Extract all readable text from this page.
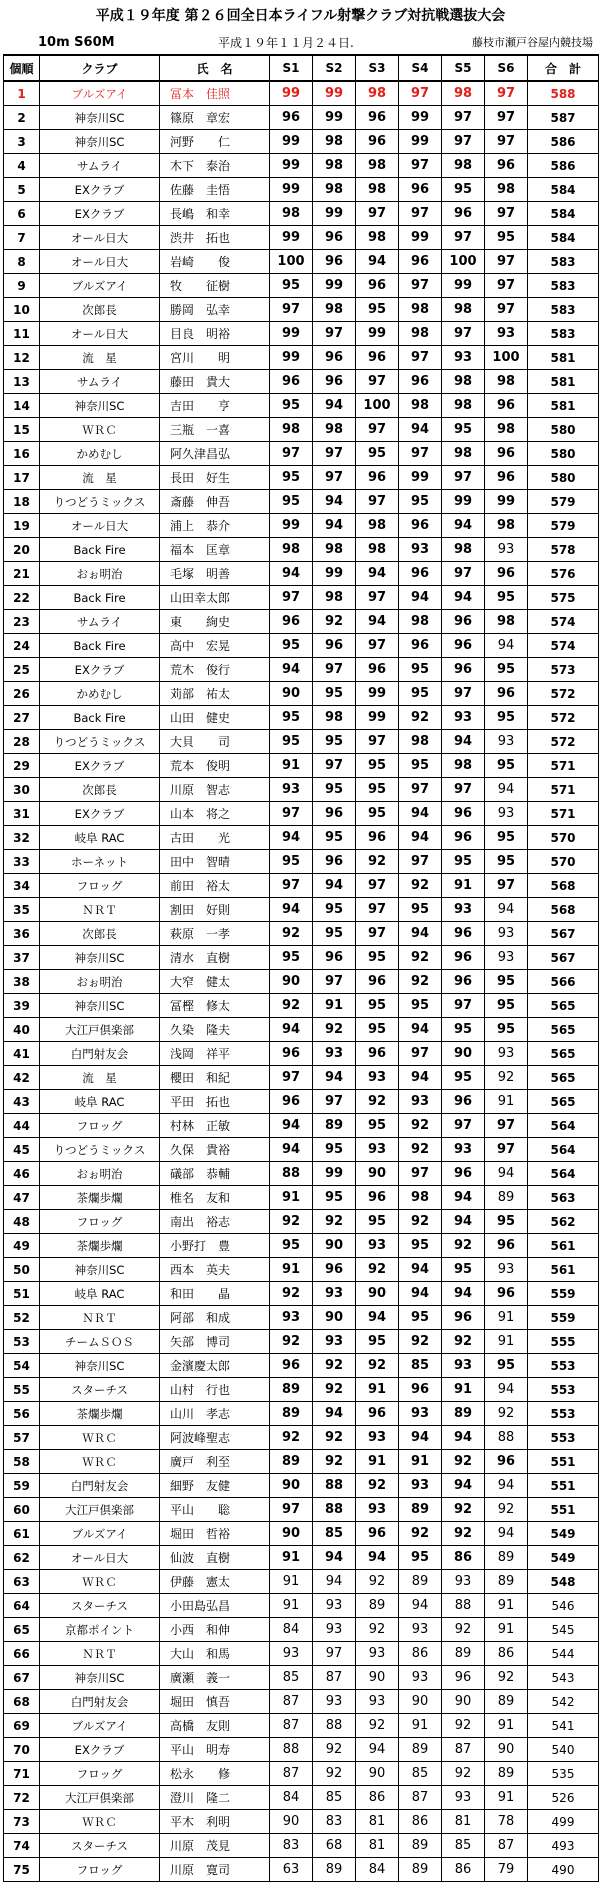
平成１９年度 第２６回全日本ライフル射撃クラブ対抗戦選抜大会
10m S60M	平成１９年１１月２４日.	藤枝市瀬戸谷屋内競技場
個順	クラブ	氏　名	S1	S2	S3	S4	S5	S6	合　計
1	ブルズアイ	冨本　佳照	99	99	98	97	98	97	588
2	神奈川SC	篠原　章宏	96	99	96	99	97	97	587
3	神奈川SC	河野　　仁	99	98	96	99	97	97	586
4	サムライ	木下　泰治	99	98	98	97	98	96	586
5	EXクラブ	佐藤　圭悟	99	98	98	96	95	98	584
6	EXクラブ	長嶋　和幸	98	99	97	97	96	97	584
7	オール日大	渋井　拓也	99	96	98	99	97	95	584
8	オール日大	岩崎　　俊	100	96	94	96	100	97	583
9	ブルズアイ	牧　　征樹	95	99	96	97	99	97	583
10	次郎長	勝岡　弘幸	97	98	95	98	98	97	583
11	オール日大	目良　明裕	99	97	99	98	97	93	583
12	流　星	宮川　　明	99	96	96	97	93	100	581
13	サムライ	藤田　貴大	96	96	97	96	98	98	581
14	神奈川SC	吉田　　亨	95	94	100	98	98	96	581
15	ＷＲＣ	三瓶　一喜	98	98	97	94	95	98	580
16	かめむし	阿久津昌弘	97	97	95	97	98	96	580
17	流　星	長田　好生	95	97	96	99	97	96	580
18	りつどうミックス	斎藤　伸吾	95	94	97	95	99	99	579
19	オール日大	浦上　恭介	99	94	98	96	94	98	579
20	Back Fire	福本　匡章	98	98	98	93	98	93	578
21	おぉ明治	毛塚　明善	94	99	94	96	97	96	576
22	Back Fire	山田幸太郎	97	98	97	94	94	95	575
23	サムライ	東　　絢史	96	92	94	98	96	98	574
24	Back Fire	高中　宏晃	95	96	97	96	96	94	574
25	EXクラブ	荒木　俊行	94	97	96	95	96	95	573
26	かめむし	苅部　祐太	90	95	99	95	97	96	572
27	Back Fire	山田　健史	95	98	99	92	93	95	572
28	りつどうミックス	大貝　　司	95	95	97	98	94	93	572
29	EXクラブ	荒本　俊明	91	97	95	95	98	95	571
30	次郎長	川原　智志	93	95	95	97	97	94	571
31	EXクラブ	山本　将之	97	96	95	94	96	93	571
32	岐阜 RAC	古田　　光	94	95	96	94	96	95	570
33	ホーネット	田中　智晴	95	96	92	97	95	95	570
34	フロッグ	前田　裕太	97	94	97	92	91	97	568
35	ＮＲＴ	割田　好則	94	95	97	95	93	94	568
36	次郎長	萩原　一孝	92	95	97	94	96	93	567
37	神奈川SC	清水　直樹	95	96	95	92	96	93	567
38	おぉ明治	大窄　健太	90	97	96	92	96	95	566
39	神奈川SC	冨樫　修太	92	91	95	95	97	95	565
40	大江戸倶楽部	久染　隆夫	94	92	95	94	95	95	565
41	白門射友会	浅岡　祥平	96	93	96	97	90	93	565
42	流　星	櫻田　和紀	97	94	93	94	95	92	565
43	岐阜 RAC	平田　拓也	96	97	92	93	96	91	565
44	フロッグ	村林　正敏	94	89	95	92	97	97	564
45	りつどうミックス	久保　貴裕	94	95	93	92	93	97	564
46	おぉ明治	礒部　恭輔	88	99	90	97	96	94	564
47	茶爛歩爛	椎名　友和	91	95	96	98	94	89	563
48	フロッグ	南出　裕志	92	92	95	92	94	95	562
49	茶爛歩爛	小野打　豊	95	90	93	95	92	96	561
50	神奈川SC	西本　英夫	91	96	92	94	95	93	561
51	岐阜 RAC	和田　　晶	92	93	90	94	94	96	559
52	ＮＲＴ	阿部　和成	93	90	94	95	96	91	559
53	チームＳＯＳ	矢部　博司	92	93	95	92	92	91	555
54	神奈川SC	金濱慶太郎	96	92	92	85	93	95	553
55	スターチス	山村　行也	89	92	91	96	91	94	553
56	茶爛歩爛	山川　孝志	89	94	96	93	89	92	553
57	ＷＲＣ	阿波峰聖志	92	92	93	94	94	88	553
58	ＷＲＣ	廣戸　利至	89	92	91	91	92	96	551
59	白門射友会	細野　友健	90	88	92	93	94	94	551
60	大江戸倶楽部	平山　　聡	97	88	93	89	92	92	551
61	ブルズアイ	堀田　哲裕	90	85	96	92	92	94	549
62	オール日大	仙波　直樹	91	94	94	95	86	89	549
63	ＷＲＣ	伊藤　憲太	91	94	92	89	93	89	548
64	スターチス	小田島弘昌	91	93	89	94	88	91	546
65	京都ポイント	小西　和伸	84	93	92	93	92	91	545
66	ＮＲＴ	大山　和馬	93	97	93	86	89	86	544
67	神奈川SC	廣瀬　義一	85	87	90	93	96	92	543
68	白門射友会	堀田　慎吾	87	93	93	90	90	89	542
69	ブルズアイ	高橋　友則	87	88	92	91	92	91	541
70	EXクラブ	平山　明寿	88	92	94	89	87	90	540
71	フロッグ	松永　　修	87	92	90	85	92	89	535
72	大江戸倶楽部	澄川　隆二	84	85	86	87	93	91	526
73	ＷＲＣ	平木　利明	90	83	81	86	81	78	499
74	スターチス	川原　茂見	83	68	81	89	85	87	493
75	フロッグ	川原　寛司	63	89	84	89	86	79	490
